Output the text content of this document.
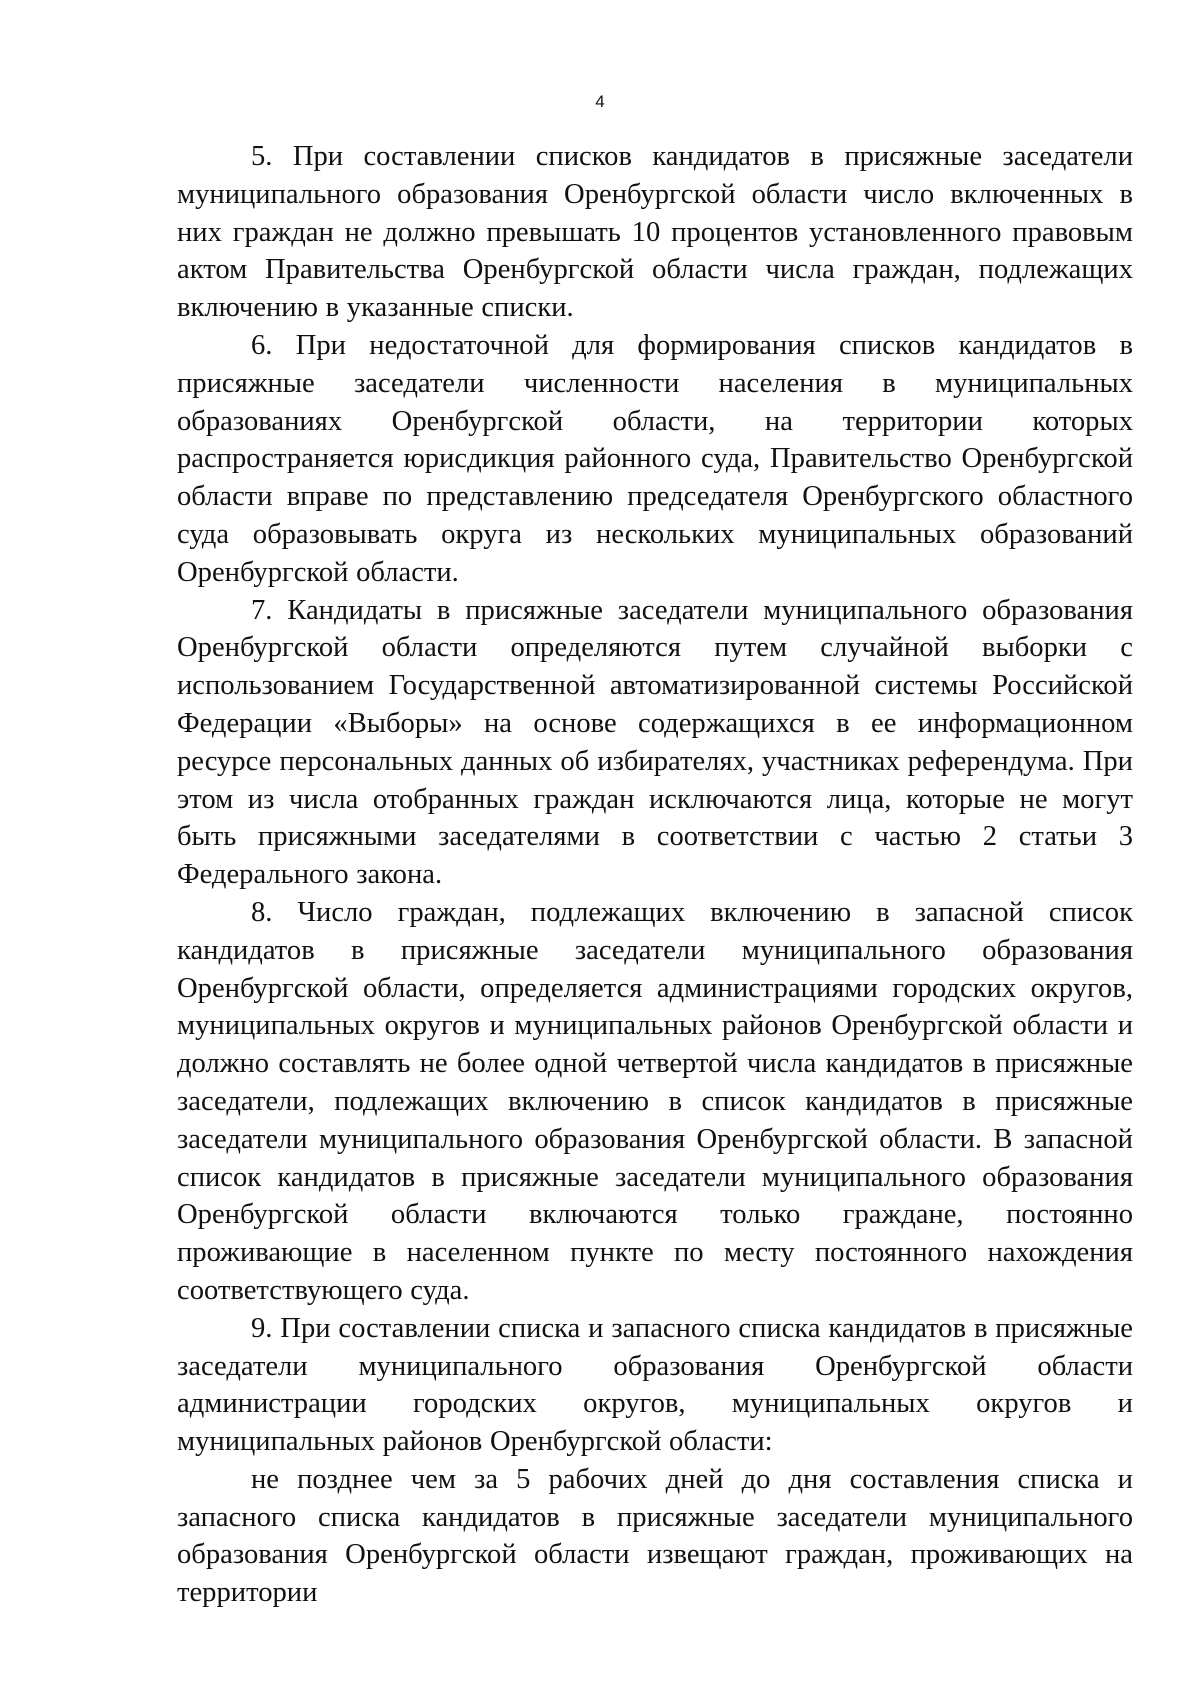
4

5. При составлении списков кандидатов в присяжные заседатели муниципального образования Оренбургской области число включенных в них граждан не должно превышать 10 процентов установленного правовым актом Правительства Оренбургской области числа граждан, подлежащих включению в указанные списки.

6. При недостаточной для формирования списков кандидатов в присяжные заседатели численности населения в муниципальных образованиях Оренбургской области, на территории которых распространяется юрисдикция районного суда, Правительство Оренбургской области вправе по представлению председателя Оренбургского областного суда образовывать округа из нескольких муниципальных образований Оренбургской области.

7. Кандидаты в присяжные заседатели муниципального образования Оренбургской области определяются путем случайной выборки с использованием Государственной автоматизированной системы Российской Федерации «Выборы» на основе содержащихся в ее информационном ресурсе персональных данных об избирателях, участниках референдума. При этом из числа отобранных граждан исключаются лица, которые не могут быть присяжными заседателями в соответствии с частью 2 статьи 3 Федерального закона.

8. Число граждан, подлежащих включению в запасной список кандидатов в присяжные заседатели муниципального образования Оренбургской области, определяется администрациями городских округов, муниципальных округов и муниципальных районов Оренбургской области и должно составлять не более одной четвертой числа кандидатов в присяжные заседатели, подлежащих включению в список кандидатов в присяжные заседатели муниципального образования Оренбургской области. В запасной список кандидатов в присяжные заседатели муниципального образования Оренбургской области включаются только граждане, постоянно проживающие в населенном пункте по месту постоянного нахождения соответствующего суда.

9. При составлении списка и запасного списка кандидатов в присяжные заседатели муниципального образования Оренбургской области администрации городских округов, муниципальных округов и муниципальных районов Оренбургской области:

не позднее чем за 5 рабочих дней до дня составления списка и запасного списка кандидатов в присяжные заседатели муниципального образования Оренбургской области извещают граждан, проживающих на территории
